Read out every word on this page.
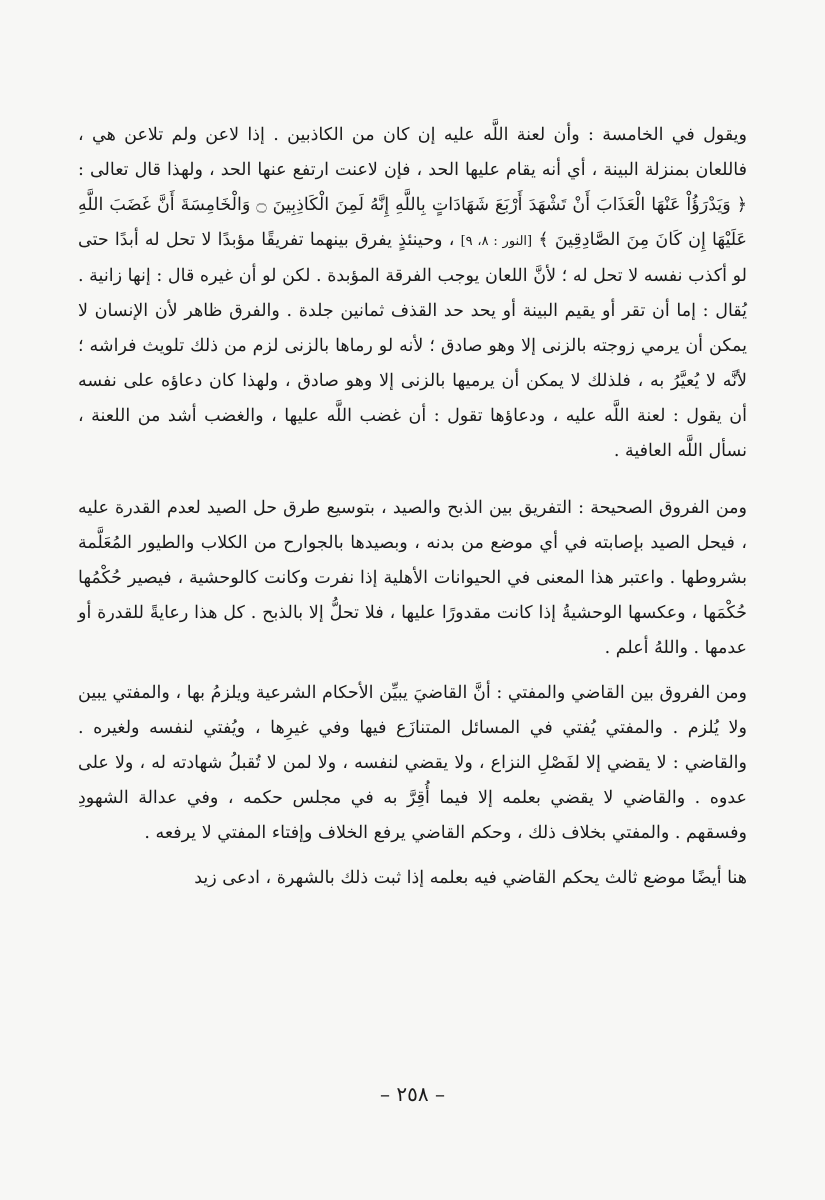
ويقول في الخامسة : وأن لعنة اللَّه عليه إن كان من الكاذبين . إذا لاعن ولم تلاعن هي ، فاللعان بمنزلة البينة ، أي أنه يقام عليها الحد ، فإن لاعنت ارتفع عنها الحد ، ولهذا قال تعالى : ﴿ وَيَدْرَؤُاْ عَنْهَا الْعَذَابَ أَنْ تَشْهَدَ أَرْبَعَ شَهَادَاتٍ بِاللَّهِ إِنَّهُ لَمِنَ الْكَاذِبِينَ ۝ وَالْخَامِسَةَ أَنَّ غَضَبَ اللَّهِ عَلَيْهَا إِن كَانَ مِنَ الصَّادِقِينَ ﴾ [النور : ٨، ٩] ، وحينئذٍ يفرق بينهما تفريقًا مؤبدًا لا تحل له أبدًا حتى لو أكذب نفسه لا تحل له ؛ لأنَّ اللعان يوجب الفرقة المؤبدة . لكن لو أن غيره قال : إنها زانية . يُقال : إما أن تقر أو يقيم البينة أو يحد حد القذف ثمانين جلدة . والفرق ظاهر لأن الإنسان لا يمكن أن يرمي زوجته بالزنى إلا وهو صادق ؛ لأنه لو رماها بالزنى لزم من ذلك تلويث فراشه ؛ لأنَّه لا يُعيَّرُ به ، فلذلك لا يمكن أن يرميها بالزنى إلا وهو صادق ، ولهذا كان دعاؤه على نفسه أن يقول : لعنة اللَّه عليه ، ودعاؤها تقول : أن غضب اللَّه عليها ، والغضب أشد من اللعنة ، نسأل اللَّه العافية .

ومن الفروق الصحيحة : التفريق بين الذبح والصيد ، بتوسيع طرق حل الصيد لعدم القدرة عليه ، فيحل الصيد بإصابته في أي موضع من بدنه ، وبصيدها بالجوارح من الكلاب والطيور المُعَلَّمة بشروطها . واعتبر هذا المعنى في الحيوانات الأهلية إذا نفرت وكانت كالوحشية ، فيصير حُكْمُها حُكْمَها ، وعكسها الوحشيةُ إذا كانت مقدورًا عليها ، فلا تحلُّ إلا بالذبح . كل هذا رعايةً للقدرة أو عدمها . واللهُ أعلم .

ومن الفروق بين القاضي والمفتي : أنَّ القاضيَ يبيِّن الأحكام الشرعية ويلزمُ بها ، والمفتي يبين ولا يُلزم . والمفتي يُفتي في المسائل المتنازَع فيها وفي غيرِها ، ويُفتي لنفسه ولغيره . والقاضي : لا يقضي إلا لفَصْلِ النزاع ، ولا يقضي لنفسه ، ولا لمن لا تُقبلُ شهادته له ، ولا على عدوه . والقاضي لا يقضي بعلمه إلا فيما أُقِرَّ به في مجلس حكمه ، وفي عدالة الشهودِ وفسقهم . والمفتي بخلاف ذلك ، وحكم القاضي يرفع الخلاف وإفتاء المفتي لا يرفعه .

هنا أيضًا موضع ثالث يحكم القاضي فيه بعلمه إذا ثبت ذلك بالشهرة ، ادعى زيد

– ٢٥٨ –
